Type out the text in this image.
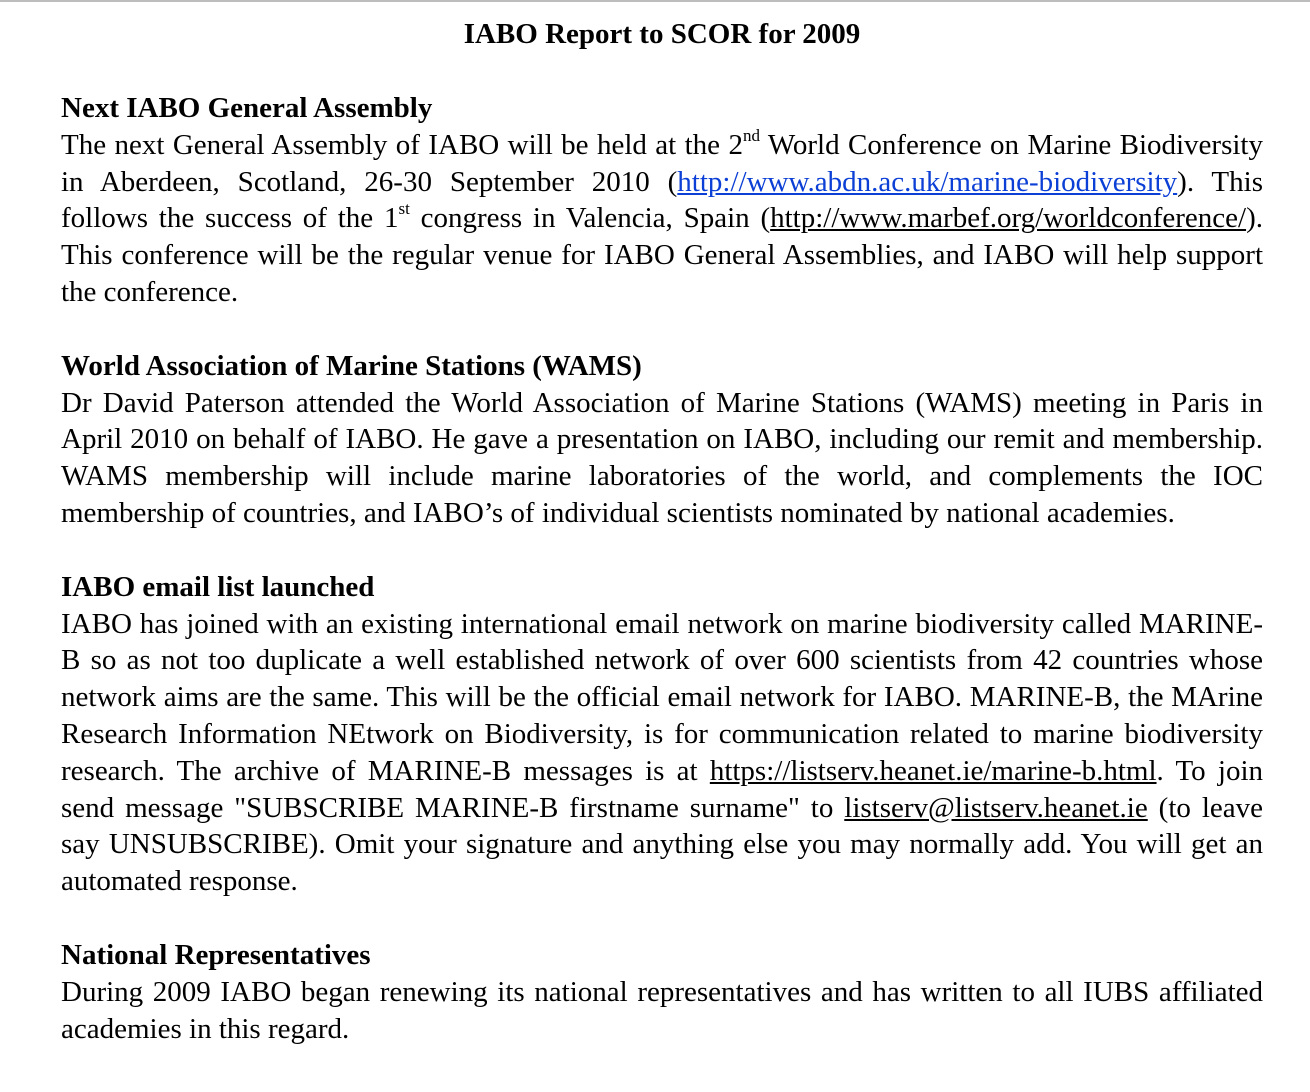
IABO Report to SCOR for 2009
Next IABO General Assembly

The next General Assembly of IABO will be held at the 2nd World Conference on Marine Biodiversity in Aberdeen, Scotland, 26-30 September 2010 (http://www.abdn.ac.uk/marine-biodiversity). This follows the success of the 1st congress in Valencia, Spain (http://www.marbef.org/worldconference/). This conference will be the regular venue for IABO General Assemblies, and IABO will help support the conference.

World Association of Marine Stations (WAMS)

Dr David Paterson attended the World Association of Marine Stations (WAMS) meeting in Paris in April 2010 on behalf of IABO. He gave a presentation on IABO, including our remit and membership. WAMS membership will include marine laboratories of the world, and complements the IOC membership of countries, and IABO’s of individual scientists nominated by national academies.

IABO email list launched

IABO has joined with an existing international email network on marine biodiversity called MARINE-B so as not too duplicate a well established network of over 600 scientists from 42 countries whose network aims are the same. This will be the official email network for IABO. MARINE-B, the MArine Research Information NEtwork on Biodiversity, is for communication related to marine biodiversity research. The archive of MARINE-B messages is at https://listserv.heanet.ie/marine-b.html. To join send message "SUBSCRIBE MARINE-B firstname surname" to listserv@listserv.heanet.ie (to leave say UNSUBSCRIBE). Omit your signature and anything else you may normally add. You will get an automated response.

National Representatives

During 2009 IABO began renewing its national representatives and has written to all IUBS affiliated academies in this regard.
